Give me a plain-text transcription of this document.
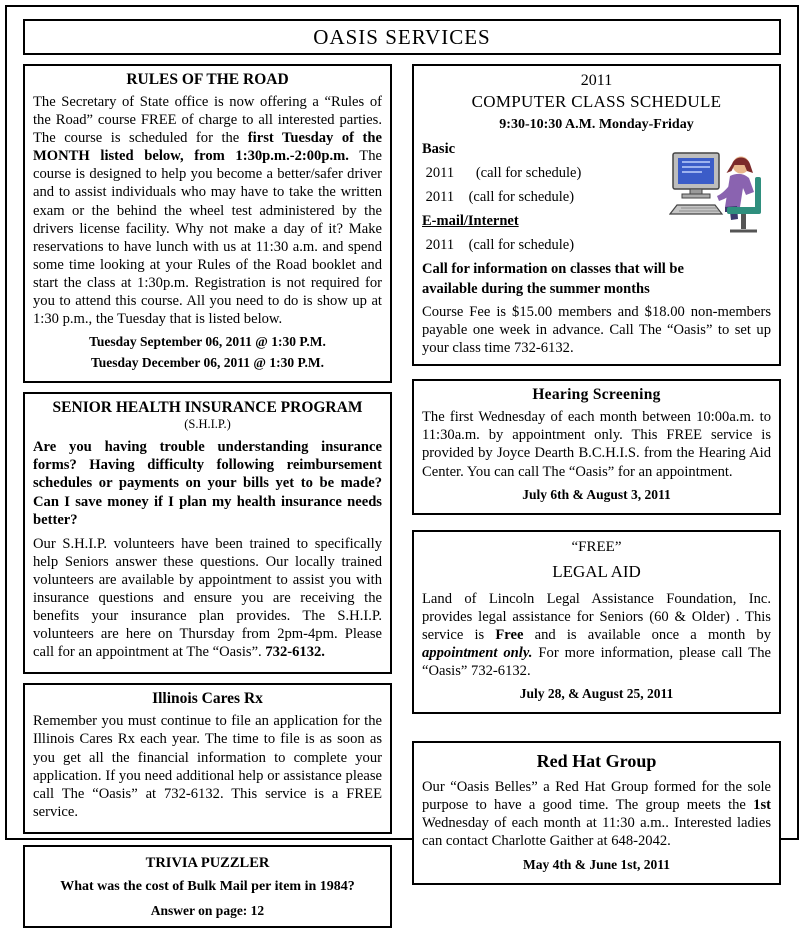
OASIS SERVICES
RULES OF THE ROAD

The Secretary of State office is now offering a “Rules of the Road” course FREE of charge to all interested parties. The course is scheduled for the first Tuesday of the MONTH listed below, from 1:30p.m.-2:00p.m. The course is designed to help you become a better/safer driver and to assist individuals who may have to take the written exam or the behind the wheel test administered by the drivers license facility. Why not make a day of it? Make reservations to have lunch with us at 11:30 a.m. and spend some time looking at your Rules of the Road booklet and start the class at 1:30p.m. Registration is not required for you to attend this course. All you need to do is show up at 1:30 p.m., the Tuesday that is listed below.

Tuesday September 06, 2011 @ 1:30 P.M.

Tuesday December 06, 2011 @ 1:30 P.M.

SENIOR HEALTH INSURANCE PROGRAM
(S.H.I.P.)

Are you having trouble understanding insurance forms? Having difficulty following reimbursement schedules or payments on your bills yet to be made? Can I save money if I plan my health insurance needs better?

Our S.H.I.P. volunteers have been trained to specifically help Seniors answer these questions. Our locally trained volunteers are available by appointment to assist you with insurance questions and ensure you are receiving the benefits your insurance plan provides. The S.H.I.P. volunteers are here on Thursday from 2pm-4pm. Please call for an appointment at The “Oasis”. 732-6132.

Illinois Cares Rx

Remember you must continue to file an application for the Illinois Cares Rx each year. The time to file is as soon as you get all the financial information to complete your application. If you need additional help or assistance please call The “Oasis” at 732-6132. This service is a FREE service.

TRIVIA PUZZLER

What was the cost of Bulk Mail per item in 1984?

Answer on page: 12

2011
COMPUTER CLASS SCHEDULE
9:30-10:30 A.M. Monday-Friday
Basic
2011      (call for schedule)
2011    (call for schedule)
E-mail/Internet
2011    (call for schedule)
Call for information on classes that will be
available during the summer months

Course Fee is $15.00 members and $18.00 non-members payable one week in advance. Call The “Oasis” to set up your class time 732-6132.

Hearing Screening

The first Wednesday of each month between 10:00a.m. to 11:30a.m. by appointment only. This FREE service is provided by Joyce Dearth B.C.H.I.S. from the Hearing Aid Center. You can call The “Oasis” for an appointment.

July 6th & August 3, 2011

“FREE”
LEGAL AID

Land of Lincoln Legal Assistance Foundation, Inc. provides legal assistance for Seniors (60 & Older) . This service is Free and is available once a month by appointment only. For more information, please call The “Oasis” 732-6132.

July 28, & August 25, 2011

Red Hat Group

Our “Oasis Belles” a Red Hat Group formed for the sole purpose to have a good time. The group meets the 1st Wednesday of each month at 11:30 a.m.. Interested ladies can contact Charlotte Gaither at 648-2042.

May 4th & June 1st, 2011
